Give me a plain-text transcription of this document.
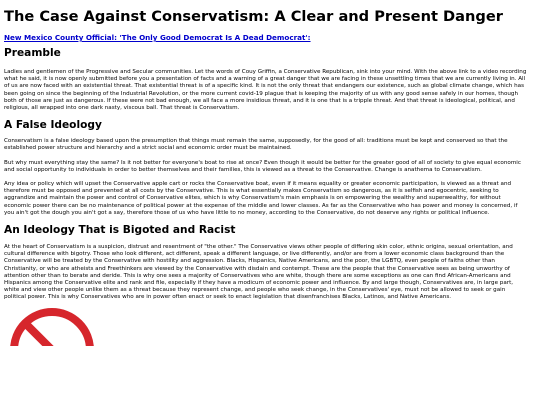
The Case Against Conservatism: A Clear and Present Danger
New Mexico County Official: 'The Only Good Democrat Is A Dead Democrat':
Preamble

Ladies and gentlemen of the Progressive and Secular communities. Let the words of Couy Griffin, a Conservative Republican, sink into your mind. With the above link to a video recording what he said, it is now openly submitted before you a presentation of facts and a warning of a great danger that we are facing in these unsettling times that we are currently living in. All of us are now faced with an existential threat. That existential threat is of a specific kind. It is not the only threat that endangers our existence, such as global climate change, which has been going on since the beginning of the Industrial Revolution, or the more current covid-19 plague that is keeping the majority of us with any good sense safely in our homes, though both of those are just as dangerous. If these were not bad enough, we all face a more insidious threat, and it is one that is a tripple threat. And that threat is ideological, political, and religious, all wrapped into one dark nasty, viscous ball. That threat is Conservatism.

A False Ideology

Conservatism is a false ideology based upon the presumption that things must remain the same, supposedly, for the good of all: traditions must be kept and conserved so that the established power structure and hierarchy and a strict social and economic order must be maintained.

But why must everything stay the same? Is it not better for everyone's boat to rise at once? Even though it would be better for the greater good of all of society to give equal economic and social opportunity to individuals in order to better themselves and their families, this is viewed as a threat to the Conservative. Change is anathema to Conservatism.

Any idea or policy which will upset the Conservative apple cart or rocks the Conservative boat, even if it means equality or greater economic participation, is viewed as a threat and therefore must be opposed and prevented at all costs by the Conservative. This is what essentially makes Conservatism so dangerous, as it is selfish and egocentric, seeking to aggrandize and maintain the power and control of Conservative elites, which is why Conservatism's main emphasis is on empowering the wealthy and superwealthy, for without economic power there can be no maintenance of political power at the expense of the middle and lower classes. As far as the Conservative who has power and money is concerned, if you ain't got the dough you ain't got a say, therefore those of us who have little to no money, according to the Conservative, do not deserve any rights or political influence.

An Ideology That is Bigoted and Racist

At the heart of Conservatism is a suspicion, distrust and resentment of "the other." The Conservative views other people of differing skin color, ethnic origins, sexual orientation, and cultural difference with bigotry. Those who look different, act different, speak a different language, or live differently, and/or are from a lower economic class background than the Conservative will be treated by the Conservative with hostility and aggression. Blacks, Hispanics, Native Americans, and the poor, the LGBTQ, even people of faiths other than Christianity, or who are atheists and Freethinkers are viewed by the Conservative with disdain and contempt. These are the people that the Conservative sees as being unworthy of attention other than to berate and deride. This is why one sees a majority of Conservatives who are white, though there are some exceptions as one can find African-Americans and Hispanics among the Conservative elite and rank and file, especially if they have a modicum of economic power and influence. By and large though, Conservatives are, in large part, white and view other people unlike them as a threat because they represent change, and people who seek change, in the Conservatives' eye, must not be allowed to seek or gain political power. This is why Conservatives who are in power often enact or seek to enact legislation that disenfranchises Blacks, Latinos, and Native Americans.
